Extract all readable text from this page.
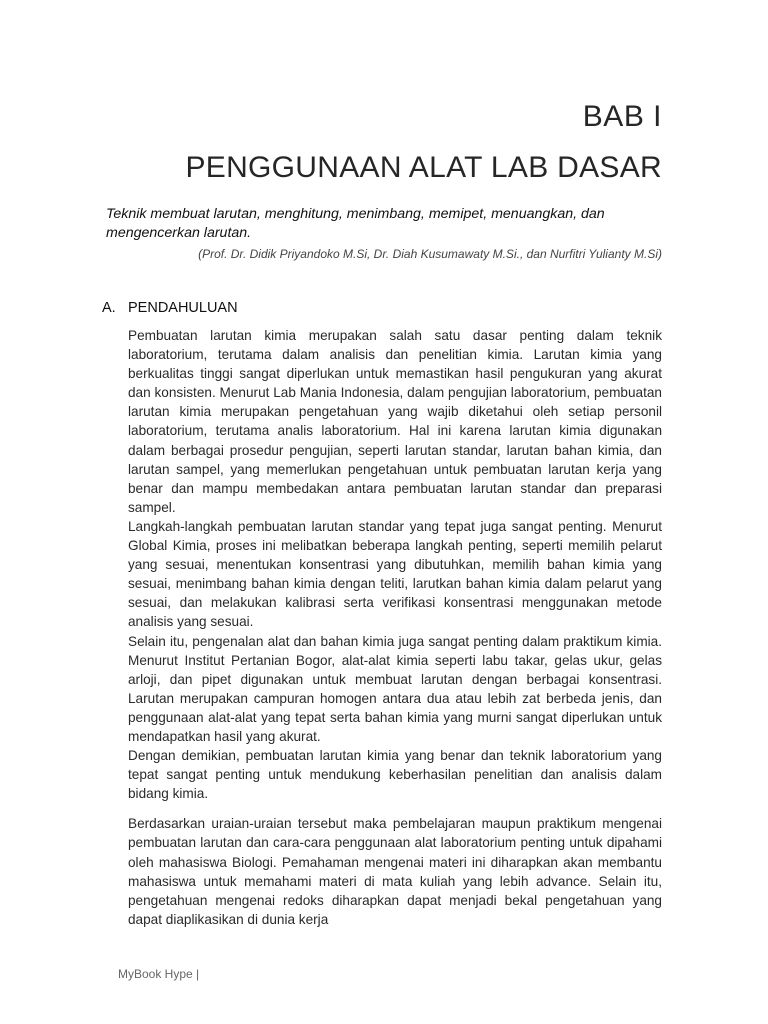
BAB I
PENGGUNAAN ALAT LAB DASAR
Teknik membuat larutan, menghitung, menimbang, memipet, menuangkan, dan mengencerkan larutan.
(Prof. Dr. Didik Priyandoko M.Si, Dr. Diah Kusumawaty M.Si., dan Nurfitri Yulianty M.Si)
A. PENDAHULUAN

Pembuatan larutan kimia merupakan salah satu dasar penting dalam teknik laboratorium, terutama dalam analisis dan penelitian kimia. Larutan kimia yang berkualitas tinggi sangat diperlukan untuk memastikan hasil pengukuran yang akurat dan konsisten. Menurut Lab Mania Indonesia, dalam pengujian laboratorium, pembuatan larutan kimia merupakan pengetahuan yang wajib diketahui oleh setiap personil laboratorium, terutama analis laboratorium. Hal ini karena larutan kimia digunakan dalam berbagai prosedur pengujian, seperti larutan standar, larutan bahan kimia, dan larutan sampel, yang memerlukan pengetahuan untuk pembuatan larutan kerja yang benar dan mampu membedakan antara pembuatan larutan standar dan preparasi sampel.

Langkah-langkah pembuatan larutan standar yang tepat juga sangat penting. Menurut Global Kimia, proses ini melibatkan beberapa langkah penting, seperti memilih pelarut yang sesuai, menentukan konsentrasi yang dibutuhkan, memilih bahan kimia yang sesuai, menimbang bahan kimia dengan teliti, larutkan bahan kimia dalam pelarut yang sesuai, dan melakukan kalibrasi serta verifikasi konsentrasi menggunakan metode analisis yang sesuai.

Selain itu, pengenalan alat dan bahan kimia juga sangat penting dalam praktikum kimia. Menurut Institut Pertanian Bogor, alat-alat kimia seperti labu takar, gelas ukur, gelas arloji, dan pipet digunakan untuk membuat larutan dengan berbagai konsentrasi. Larutan merupakan campuran homogen antara dua atau lebih zat berbeda jenis, dan penggunaan alat-alat yang tepat serta bahan kimia yang murni sangat diperlukan untuk mendapatkan hasil yang akurat.

Dengan demikian, pembuatan larutan kimia yang benar dan teknik laboratorium yang tepat sangat penting untuk mendukung keberhasilan penelitian dan analisis dalam bidang kimia.

Berdasarkan uraian-uraian tersebut maka pembelajaran maupun praktikum mengenai pembuatan larutan dan cara-cara penggunaan alat laboratorium penting untuk dipahami oleh mahasiswa Biologi. Pemahaman mengenai materi ini diharapkan akan membantu mahasiswa untuk memahami materi di mata kuliah yang lebih advance. Selain itu, pengetahuan mengenai redoks diharapkan dapat menjadi bekal pengetahuan yang dapat diaplikasikan di dunia kerja

MyBook Hype |
